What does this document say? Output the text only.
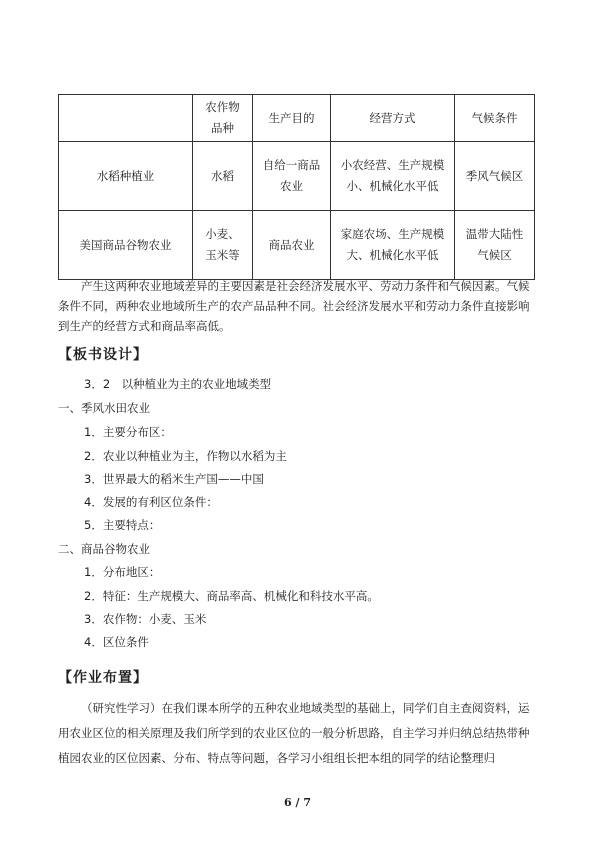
	农作物品种	生产目的	经营方式	气候条件
水稻种植业	水稻	自给一商品农业	小农经营、生产规模小、机械化水平低	季风气候区
美国商品谷物农业	小麦、玉米等	商品农业	家庭农场、生产规模大、机械化水平低	温带大陆性气候区

产生这两种农业地域差异的主要因素是社会经济发展水平、劳动力条件和气候因素。气候条件不同，两种农业地域所生产的农产品品种不同。社会经济发展水平和劳动力条件直接影响到生产的经营方式和商品率高低。

【板书设计】

3．2　以种植业为主的农业地域类型

一、季风水田农业

1．主要分布区：

2．农业以种植业为主，作物以水稻为主

3．世界最大的稻米生产国——中国

4．发展的有利区位条件：

5．主要特点：

二、商品谷物农业

1．分布地区：

2．特征：生产规模大、商品率高、机械化和科技水平高。

3．农作物：小麦、玉米

4．区位条件

【作业布置】

（研究性学习）在我们课本所学的五种农业地域类型的基础上，同学们自主查阅资料，运用农业区位的相关原理及我们所学到的农业区位的一般分析思路，自主学习并归纳总结热带种植园农业的区位因素、分布、特点等问题，各学习小组组长把本组的同学的结论整理归

6 / 7
